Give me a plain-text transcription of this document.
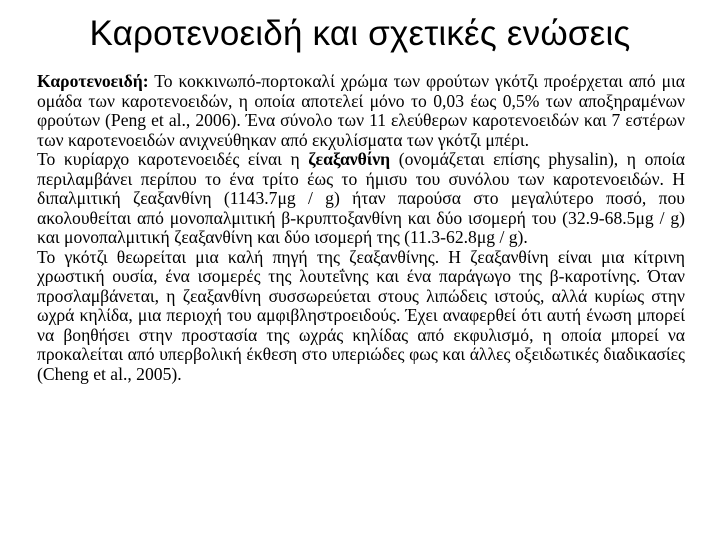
Καροτενοειδή και σχετικές ενώσεις

Καροτενοειδή: Το κοκκινωπό-πορτοκαλί χρώμα των φρούτων γκότζι προέρχεται από μια ομάδα των καροτενοειδών, η οποία αποτελεί μόνο το 0,03 έως 0,5% των αποξηραμένων φρούτων (Peng et al., 2006). Ένα σύνολο των 11 ελεύθερων καροτενοειδών και 7 εστέρων των καροτενοειδών ανιχνεύθηκαν από εκχυλίσματα των γκότζι μπέρι.

Το κυρίαρχο καροτενοειδές είναι η ζεαξανθίνη (ονομάζεται επίσης physalin), η οποία περιλαμβάνει περίπου το ένα τρίτο έως το ήμισυ του συνόλου των καροτενοειδών. Η διπαλμιτική ζεαξανθίνη (1143.7μg / g) ήταν παρούσα στο μεγαλύτερο ποσό, που ακολουθείται από μονοπαλμιτική β-κρυπτοξανθίνη και δύο ισομερή του (32.9-68.5μg / g) και μονοπαλμιτική ζεαξανθίνη και δύο ισομερή της (11.3-62.8μg / g).

Το γκότζι θεωρείται μια καλή πηγή της ζεαξανθίνης. Η ζεαξανθίνη είναι μια κίτρινη χρωστική ουσία, ένα ισομερές της λουτεΐνης και ένα παράγωγο της β-καροτίνης. Όταν προσλαμβάνεται, η ζεαξανθίνη συσσωρεύεται στους λιπώδεις ιστούς, αλλά κυρίως στην ωχρά κηλίδα, μια περιοχή του αμφιβληστροειδούς. Έχει αναφερθεί ότι αυτή ένωση μπορεί να βοηθήσει στην προστασία της ωχράς κηλίδας από εκφυλισμό, η οποία μπορεί να προκαλείται από υπερβολική έκθεση στο υπεριώδες φως και άλλες οξειδωτικές διαδικασίες (Cheng et al., 2005).
